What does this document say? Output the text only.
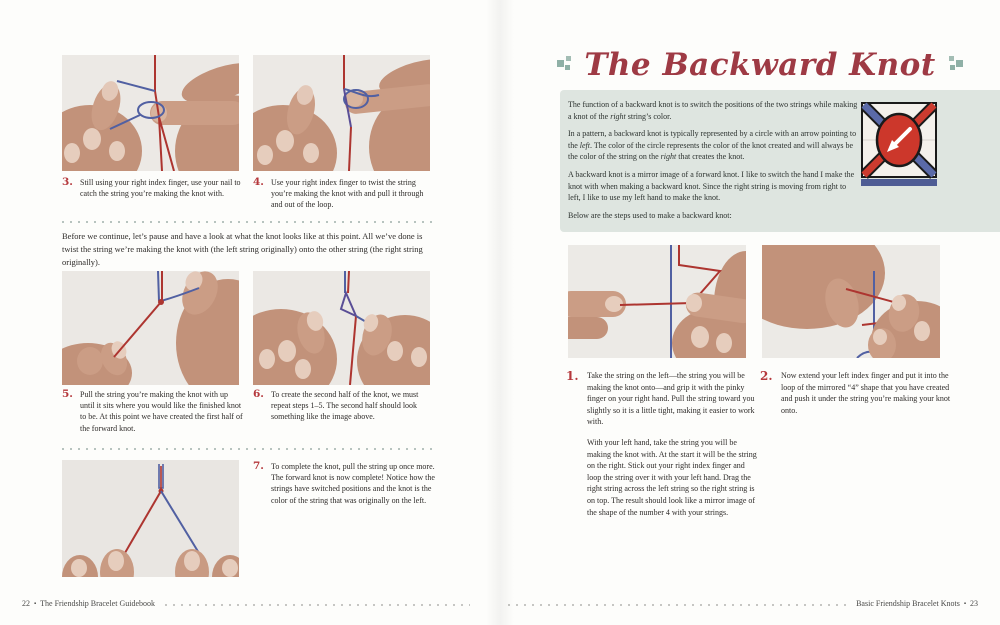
3. Still using your right index finger, use your nail to catch the string you’re making the knot with.

4. Use your right index finger to twist the string you’re making the knot with and pull it through and out of the loop.

Before we continue, let’s pause and have a look at what the knot looks like at this point. All we’ve done is twist the string we’re making the knot with (the left string originally) onto the other string (the right string originally).

5. Pull the string you’re making the knot with up until it sits where you would like the finished knot to be. At this point we have created the first half of the forward knot.

6. To create the second half of the knot, we must repeat steps 1–5. The second half should look something like the image above.

7. To complete the knot, pull the string up once more. The forward knot is now complete! Notice how the strings have switched positions and the knot is the color of the string that was originally on the left.

22 ▪ The Friendship Bracelet Guidebook
The Backward Knot

The function of a backward knot is to switch the positions of the two strings while making a knot of the right string’s color.

In a pattern, a backward knot is typically represented by a circle with an arrow pointing to the left. The color of the circle represents the color of the knot created and will always be the color of the string on the right that creates the knot.

A backward knot is a mirror image of a forward knot. I like to switch the hand I make the knot with when making a backward knot. Since the right string is moving from right to left, I like to use my left hand to make the knot.

Below are the steps used to make a backward knot:

1. Take the string on the left—the string you will be making the knot onto—and grip it with the pinky finger on your right hand. Pull the string toward you slightly so it is a little tight, making it easier to work with.

With your left hand, take the string you will be making the knot with. At the start it will be the string on the right. Stick out your right index finger and loop the string over it with your left hand. Drag the right string across the left string so the right string is on top. The result should look like a mirror image of the shape of the number 4 with your strings.

2. Now extend your left index finger and put it into the loop of the mirrored “4” shape that you have created and push it under the string you’re making your knot onto.

Basic Friendship Bracelet Knots ▪ 23
